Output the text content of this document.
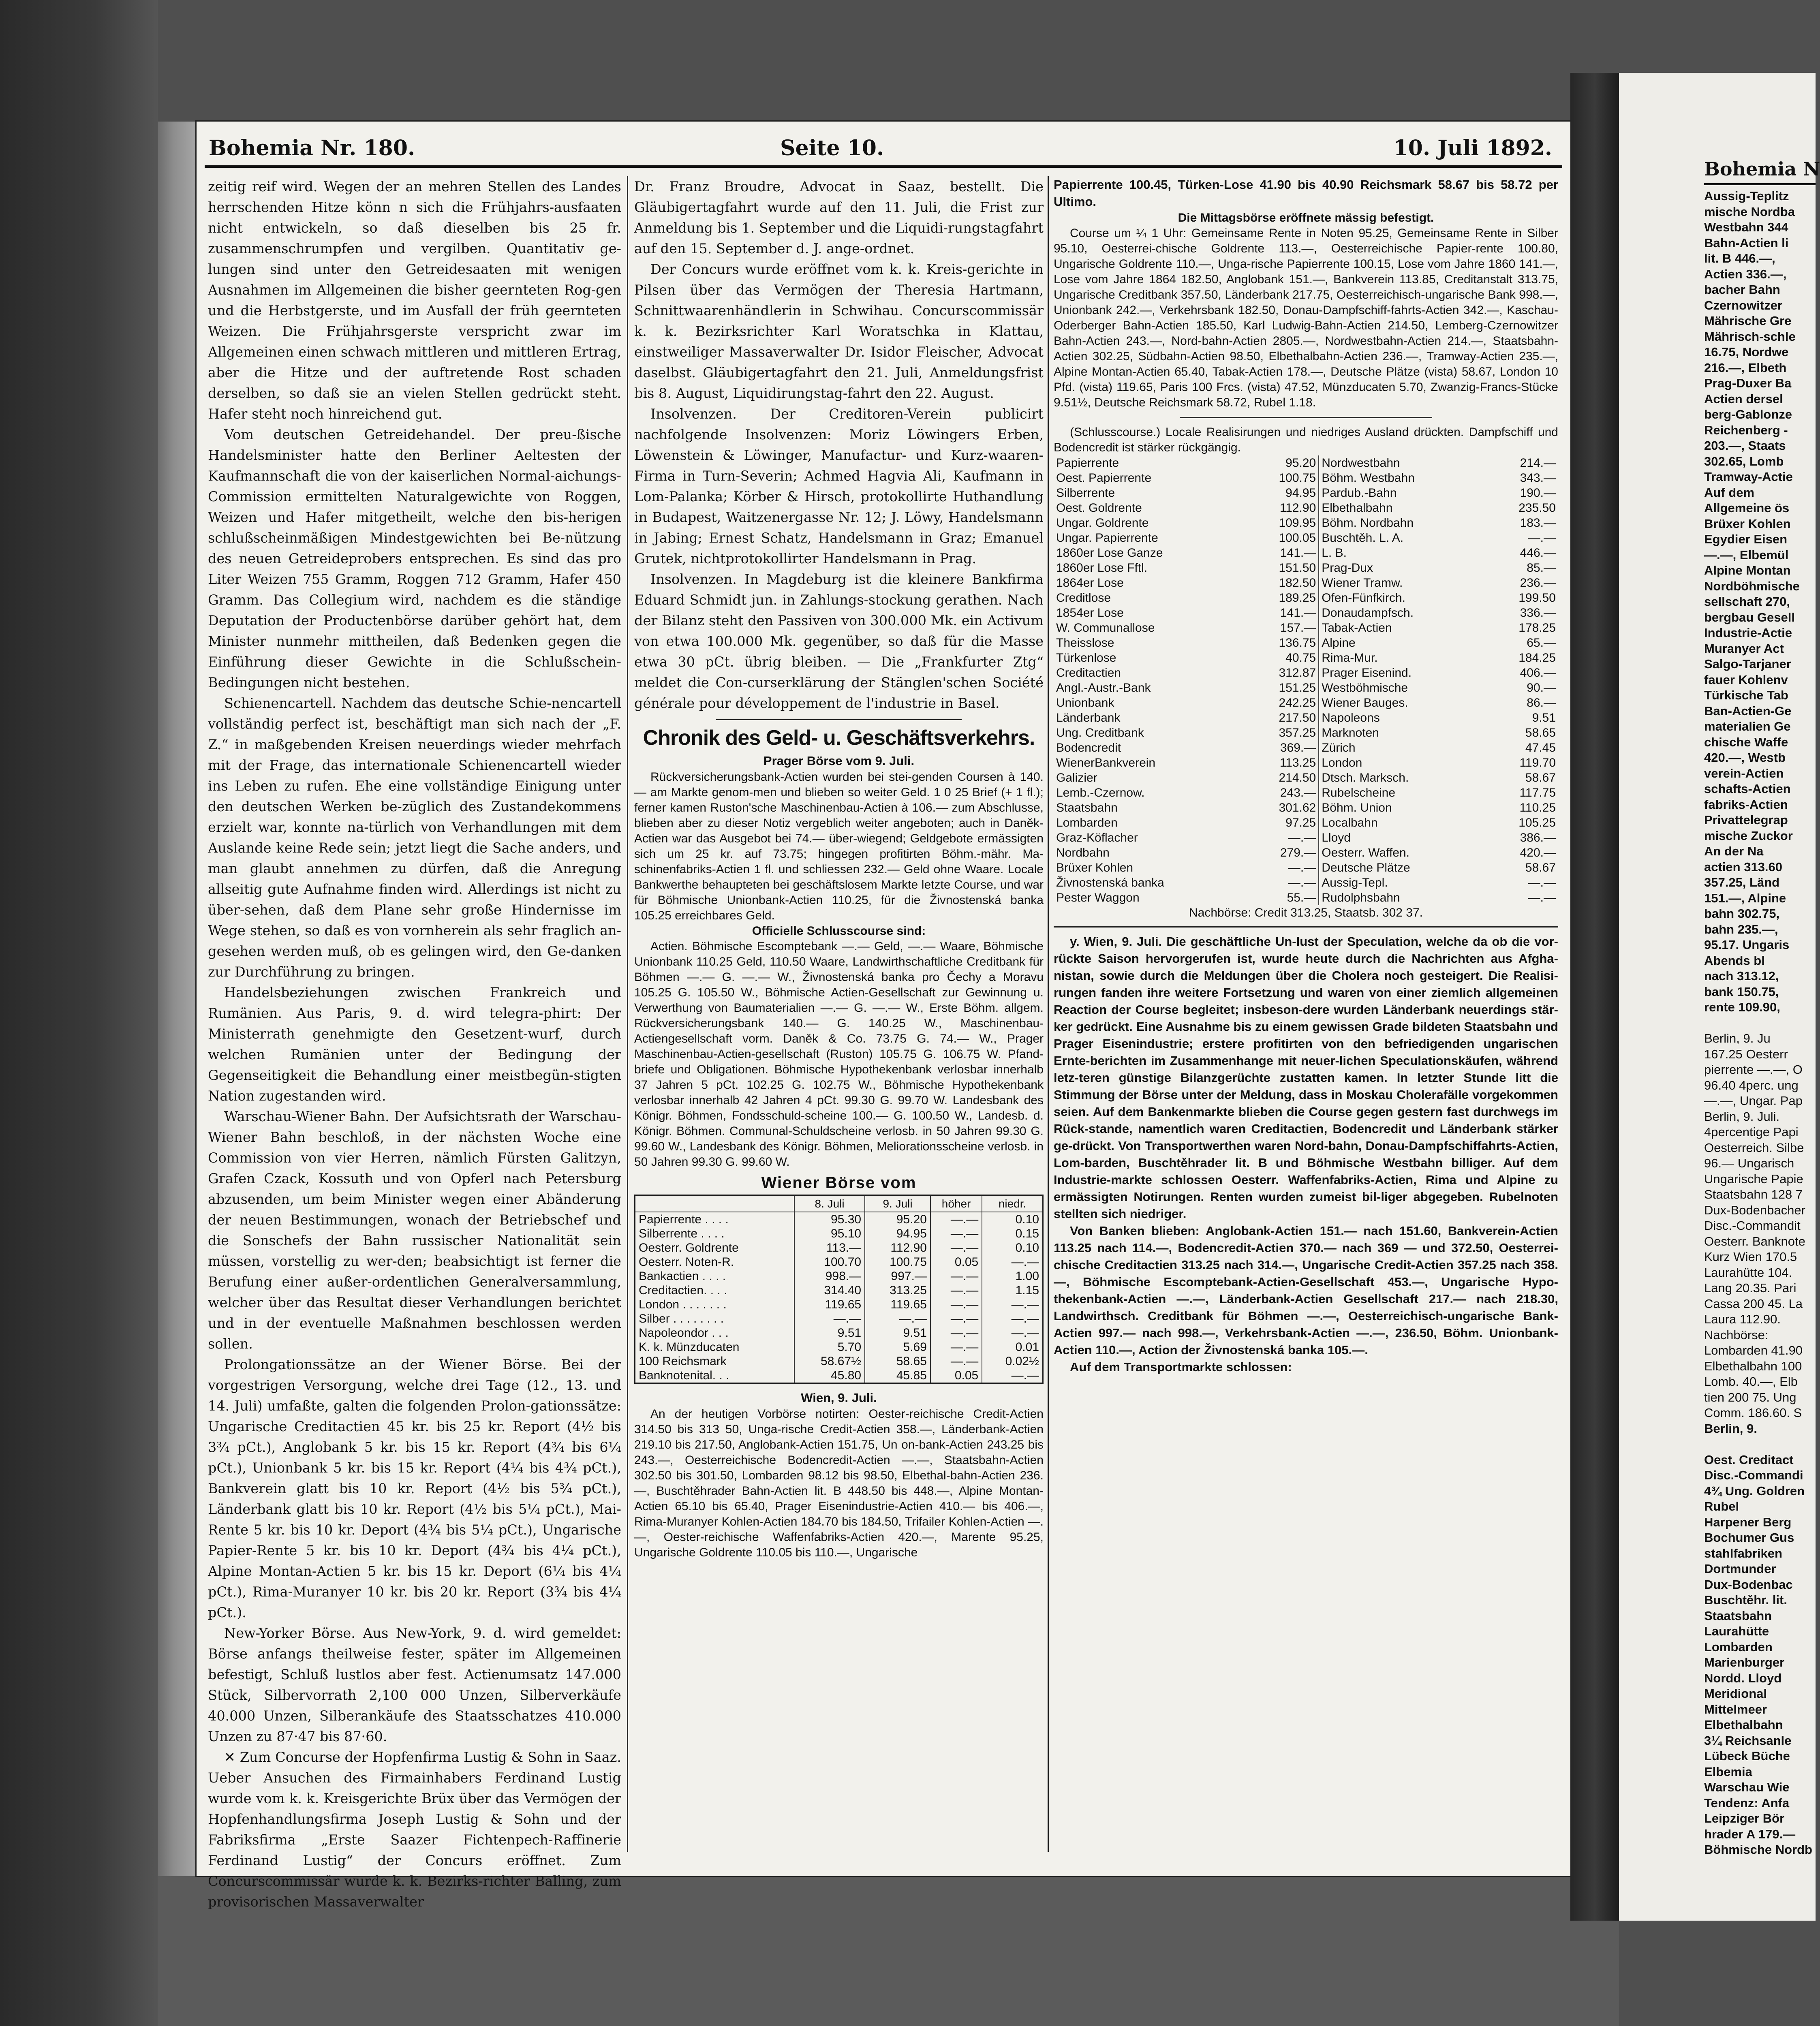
Bohemia Nr. 180.	Seite 10.	10. Juli 1892.

zeitig reif wird. Wegen der an mehren Stellen des Landes herrschenden Hitze könn n sich die Frühjahrs-ausfaaten nicht entwickeln, so daß dieselben bis 25 fr. zusammenschrumpfen und vergilben. Quantitativ ge-lungen sind unter den Getreidesaaten mit wenigen Ausnahmen im Allgemeinen die bisher geernteten Rog-gen und die Herbstgerste, und im Ausfall der früh geernteten Weizen. Die Frühjahrsgerste verspricht zwar im Allgemeinen einen schwach mittleren und mittleren Ertrag, aber die Hitze und der auftretende Rost schaden derselben, so daß sie an vielen Stellen gedrückt steht. Hafer steht noch hinreichend gut.

Vom deutschen Getreidehandel. Der preu-ßische Handelsminister hatte den Berliner Aeltesten der Kaufmannschaft die von der kaiserlichen Normal-aichungs-Commission ermittelten Naturalgewichte von Roggen, Weizen und Hafer mitgetheilt, welche den bis-herigen schlußscheinmäßigen Mindestgewichten bei Be-nützung des neuen Getreideprobers entsprechen. Es sind das pro Liter Weizen 755 Gramm, Roggen 712 Gramm, Hafer 450 Gramm. Das Collegium wird, nachdem es die ständige Deputation der Productenbörse darüber gehört hat, dem Minister nunmehr mittheilen, daß Bedenken gegen die Einführung dieser Gewichte in die Schlußschein-Bedingungen nicht bestehen.

Schienencartell. Nachdem das deutsche Schie-nencartell vollständig perfect ist, beschäftigt man sich nach der „F. Z.“ in maßgebenden Kreisen neuerdings wieder mehrfach mit der Frage, das internationale Schienencartell wieder ins Leben zu rufen. Ehe eine vollständige Einigung unter den deutschen Werken be-züglich des Zustandekommens erzielt war, konnte na-türlich von Verhandlungen mit dem Auslande keine Rede sein; jetzt liegt die Sache anders, und man glaubt annehmen zu dürfen, daß die Anregung allseitig gute Aufnahme finden wird. Allerdings ist nicht zu über-sehen, daß dem Plane sehr große Hindernisse im Wege stehen, so daß es von vornherein als sehr fraglich an-gesehen werden muß, ob es gelingen wird, den Ge-danken zur Durchführung zu bringen.

Handelsbeziehungen zwischen Frankreich und Rumänien. Aus Paris, 9. d. wird telegra-phirt: Der Ministerrath genehmigte den Gesetzent-wurf, durch welchen Rumänien unter der Bedingung der Gegenseitigkeit die Behandlung einer meistbegün-stigten Nation zugestanden wird.

Warschau-Wiener Bahn. Der Aufsichtsrath der Warschau-Wiener Bahn beschloß, in der nächsten Woche eine Commission von vier Herren, nämlich Fürsten Galitzyn, Grafen Czack, Kossuth und von Opferl nach Petersburg abzusenden, um beim Minister wegen einer Abänderung der neuen Bestimmungen, wonach der Betriebschef und die Sonschefs der Bahn russischer Nationalität sein müssen, vorstellig zu wer-den; beabsichtigt ist ferner die Berufung einer außer-ordentlichen Generalversammlung, welcher über das Resultat dieser Verhandlungen berichtet und in der eventuelle Maßnahmen beschlossen werden sollen.

Prolongationssätze an der Wiener Börse. Bei der vorgestrigen Versorgung, welche drei Tage (12., 13. und 14. Juli) umfaßte, galten die folgenden Prolon-gationssätze: Ungarische Creditactien 45 kr. bis 25 kr. Report (4½ bis 3¾ pCt.), Anglobank 5 kr. bis 15 kr. Report (4¾ bis 6¼ pCt.), Unionbank 5 kr. bis 15 kr. Report (4¼ bis 4¾ pCt.), Bankverein glatt bis 10 kr. Report (4½ bis 5¾ pCt.), Länderbank glatt bis 10 kr. Report (4½ bis 5¼ pCt.), Mai-Rente 5 kr. bis 10 kr. Deport (4¾ bis 5¼ pCt.), Ungarische Papier-Rente 5 kr. bis 10 kr. Deport (4¾ bis 4¼ pCt.), Alpine Montan-Actien 5 kr. bis 15 kr. Deport (6¼ bis 4¼ pCt.), Rima-Muranyer 10 kr. bis 20 kr. Report (3¾ bis 4¼ pCt.).

New-Yorker Börse. Aus New-York, 9. d. wird gemeldet: Börse anfangs theilweise fester, später im Allgemeinen befestigt, Schluß lustlos aber fest. Actienumsatz 147.000 Stück, Silbervorrath 2,100 000 Unzen, Silberverkäufe 40.000 Unzen, Silberankäufe des Staatsschatzes 410.000 Unzen zu 87·47 bis 87·60.

✕ Zum Concurse der Hopfenfirma Lustig & Sohn in Saaz. Ueber Ansuchen des Firmainhabers Ferdinand Lustig wurde vom k. k. Kreisgerichte Brüx über das Vermögen der Hopfenhandlungsfirma Joseph Lustig & Sohn und der Fabriksfirma „Erste Saazer Fichtenpech-Raffinerie Ferdinand Lustig“ der Concurs eröffnet. Zum Concurscommissär wurde k. k. Bezirks-richter Balling, zum provisorischen Massaverwalter

Dr. Franz Broudre, Advocat in Saaz, bestellt. Die Gläubigertagfahrt wurde auf den 11. Juli, die Frist zur Anmeldung bis 1. September und die Liquidi-rungstagfahrt auf den 15. September d. J. ange-ordnet.

Der Concurs wurde eröffnet vom k. k. Kreis-gerichte in Pilsen über das Vermögen der Theresia Hartmann, Schnittwaarenhändlerin in Schwihau. Concurscommissär k. k. Bezirksrichter Karl Woratschka in Klattau, einstweiliger Massaverwalter Dr. Isidor Fleischer, Advocat daselbst. Gläubigertagfahrt den 21. Juli, Anmeldungsfrist bis 8. August, Liquidirungstag-fahrt den 22. August.

Insolvenzen. Der Creditoren-Verein publicirt nachfolgende Insolvenzen: Moriz Löwingers Erben, Löwenstein & Löwinger, Manufactur- und Kurz-waaren-Firma in Turn-Severin; Achmed Hagvia Ali, Kaufmann in Lom-Palanka; Körber & Hirsch, protokollirte Huthandlung in Budapest, Waitzenergasse Nr. 12; J. Löwy, Handelsmann in Jabing; Ernest Schatz, Handelsmann in Graz; Emanuel Grutek, nichtprotokollirter Handelsmann in Prag.

Insolvenzen. In Magdeburg ist die kleinere Bankfirma Eduard Schmidt jun. in Zahlungs-stockung gerathen. Nach der Bilanz steht den Passiven von 300.000 Mk. ein Activum von etwa 100.000 Mk. gegenüber, so daß für die Masse etwa 30 pCt. übrig bleiben. — Die „Frankfurter Ztg“ meldet die Con-curserklärung der Stänglen'schen Société générale pour développement de l'industrie in Basel.

Chronik des Geld- u. Geschäftsverkehrs.
Prager Börse vom 9. Juli.

Rückversicherungsbank-Actien wurden bei stei-genden Coursen à 140.— am Markte genom-men und blieben so weiter Geld. 1 0 25 Brief (+ 1 fl.); ferner kamen Ruston'sche Maschinenbau-Actien à 106.— zum Abschlusse, blieben aber zu dieser Notiz vergeblich weiter angeboten; auch in Daněk-Actien war das Ausgebot bei 74.— über-wiegend; Geldgebote ermässigten sich um 25 kr. auf 73.75; hingegen profitirten Böhm.-mähr. Ma-schinenfabriks-Actien 1 fl. und schliessen 232.— Geld ohne Waare. Locale Bankwerthe behaupteten bei geschäftslosem Markte letzte Course, und war für Böhmische Unionbank-Actien 110.25, für die Živnostenská banka 105.25 erreichbares Geld.

Officielle Schlusscourse sind:

Actien. Böhmische Escomptebank —.— Geld, —.— Waare, Böhmische Unionbank 110.25 Geld, 110.50 Waare, Landwirthschaftliche Creditbank für Böhmen —.— G. —.— W., Živnostenská banka pro Čechy a Moravu 105.25 G. 105.50 W., Böhmische Actien-Gesellschaft zur Gewinnung u. Verwerthung von Baumaterialien —.— G. —.— W., Erste Böhm. allgem. Rückversicherungsbank 140.— G. 140.25 W., Maschinenbau-Actiengesellschaft vorm. Daněk & Co. 73.75 G. 74.— W., Prager Maschinenbau-Actien-gesellschaft (Ruston) 105.75 G. 106.75 W. Pfand-briefe und Obligationen. Böhmische Hypothekenbank verlosbar innerhalb 37 Jahren 5 pCt. 102.25 G. 102.75 W., Böhmische Hypothekenbank verlosbar innerhalb 42 Jahren 4 pCt. 99.30 G. 99.70 W. Landesbank des Königr. Böhmen, Fondsschuld-scheine 100.— G. 100.50 W., Landesb. d. Königr. Böhmen. Communal-Schuldscheine verlosb. in 50 Jahren 99.30 G. 99.60 W., Landesbank des Königr. Böhmen, Meliorationsscheine verlosb. in 50 Jahren 99.30 G. 99.60 W.

Wiener Börse vom
	8. Juli	9. Juli	höher	niedr.
Papierrente . . . .	95.30	95.20	—.—	0.10
Silberrente . . . .	95.10	94.95	—.—	0.15
Oesterr. Goldrente	113.—	112.90	—.—	0.10
Oesterr. Noten-R.	100.70	100.75	0.05	—.—
Bankactien . . . .	998.—	997.—	—.—	1.00
Creditactien. . . .	314.40	313.25	—.—	1.15
London . . . . . . .	119.65	119.65	—.—	—.—
Silber . . . . . . . .	—.—	—.—	—.—	—.—
Napoleondor . . .	9.51	9.51	—.—	—.—
K. k. Münzducaten	5.70	5.69	—.—	0.01
100 Reichsmark	58.67½	58.65	—.—	0.02½
Banknotenital. . .	45.80	45.85	0.05	—.—
Wien, 9. Juli.

An der heutigen Vorbörse notirten: Oester-reichische Credit-Actien 314.50 bis 313 50, Unga-rische Credit-Actien 358.—, Länderbank-Actien 219.10 bis 217.50, Anglobank-Actien 151.75, Un on-bank-Actien 243.25 bis 243.—, Oesterreichische Bodencredit-Actien —.—, Staatsbahn-Actien 302.50 bis 301.50, Lombarden 98.12 bis 98.50, Elbethal-bahn-Actien 236.—, Buschtěhrader Bahn-Actien lit. B 448.50 bis 448.—, Alpine Montan-Actien 65.10 bis 65.40, Prager Eisenindustrie-Actien 410.— bis 406.—, Rima-Muranyer Kohlen-Actien 184.70 bis 184.50, Trifailer Kohlen-Actien —.—, Oester-reichische Waffenfabriks-Actien 420.—, Marente 95.25, Ungarische Goldrente 110.05 bis 110.—, Ungarische

Papierrente 100.45, Türken-Lose 41.90 bis 40.90 Reichsmark 58.67 bis 58.72 per Ultimo.

Die Mittagsbörse eröffnete mässig befestigt.

Course um ¼ 1 Uhr: Gemeinsame Rente in Noten 95.25, Gemeinsame Rente in Silber 95.10, Oesterrei-chische Goldrente 113.—, Oesterreichische Papier-rente 100.80, Ungarische Goldrente 110.—, Unga-rische Papierrente 100.15, Lose vom Jahre 1860 141.—, Lose vom Jahre 1864 182.50, Anglobank 151.—, Bankverein 113.85, Creditanstalt 313.75, Ungarische Creditbank 357.50, Länderbank 217.75, Oesterreichisch-ungarische Bank 998.—, Unionbank 242.—, Verkehrsbank 182.50, Donau-Dampfschiff-fahrts-Actien 342.—, Kaschau-Oderberger Bahn-Actien 185.50, Karl Ludwig-Bahn-Actien 214.50, Lemberg-Czernowitzer Bahn-Actien 243.—, Nord-bahn-Actien 2805.—, Nordwestbahn-Actien 214.—, Staatsbahn-Actien 302.25, Südbahn-Actien 98.50, Elbethalbahn-Actien 236.—, Tramway-Actien 235.—, Alpine Montan-Actien 65.40, Tabak-Actien 178.—, Deutsche Plätze (vista) 58.67, London 10 Pfd. (vista) 119.65, Paris 100 Frcs. (vista) 47.52, Münzducaten 5.70, Zwanzig-Francs-Stücke 9.51½, Deutsche Reichsmark 58.72, Rubel 1.18.

(Schlusscourse.) Locale Realisirungen und niedriges Ausland drückten. Dampfschiff und Bodencredit ist stärker rückgängig.

Papierrente	95.20	Nordwestbahn	214.—
Oest. Papierrente	100.75	Böhm. Westbahn	343.—
Silberrente	94.95	Pardub.-Bahn	190.—
Oest. Goldrente	112.90	Elbethalbahn	235.50
Ungar. Goldrente	109.95	Böhm. Nordbahn	183.—
Ungar. Papierrente	100.05	Buschtěh. L. A.	—.—
1860er Lose Ganze	141.—	L. B.	446.—
1860er Lose Fftl.	151.50	Prag-Dux	85.—
1864er Lose	182.50	Wiener Tramw.	236.—
Creditlose	189.25	Ofen-Fünfkirch.	199.50
1854er Lose	141.—	Donaudampfsch.	336.—
W. Communallose	157.—	Tabak-Actien	178.25
Theisslose	136.75	Alpine	65.—
Türkenlose	40.75	Rima-Mur.	184.25
Creditactien	312.87	Prager Eisenind.	406.—
Angl.-Austr.-Bank	151.25	Westböhmische	90.—
Unionbank	242.25	Wiener Bauges.	86.—
Länderbank	217.50	Napoleons	9.51
Ung. Creditbank	357.25	Marknoten	58.65
Bodencredit	369.—	Zürich	47.45
WienerBankverein	113.25	London	119.70
Galizier	214.50	Dtsch. Marksch.	58.67
Lemb.-Czernow.	243.—	Rubelscheine	117.75
Staatsbahn	301.62	Böhm. Union	110.25
Lombarden	97.25	Localbahn	105.25
Graz-Köflacher	—.—	Lloyd	386.—
Nordbahn	279.—	Oesterr. Waffen.	420.—
Brüxer Kohlen	—.—	Deutsche Plätze	58.67
Živnostenská banka	—.—	Aussig-Tepl.	—.—
Pester Waggon	55.—	Rudolphsbahn	—.—

Nachbörse: Credit 313.25, Staatsb. 302 37.

y. Wien, 9. Juli. Die geschäftliche Un-lust der Speculation, welche da ob die vor-rückte Saison hervorgerufen ist, wurde heute durch die Nachrichten aus Afgha-nistan, sowie durch die Meldungen über die Cholera noch gesteigert. Die Realisi-rungen fanden ihre weitere Fortsetzung und waren von einer ziemlich allgemeinen Reaction der Course begleitet; insbeson-dere wurden Länderbank neuerdings stär-ker gedrückt. Eine Ausnahme bis zu einem gewissen Grade bildeten Staatsbahn und Prager Eisenindustrie; erstere profitirten von den befriedigenden ungarischen Ernte-berichten im Zusammenhange mit neuer-lichen Speculationskäufen, während letz-teren günstige Bilanzgerüchte zustatten kamen. In letzter Stunde litt die Stimmung der Börse unter der Meldung, dass in Moskau Cholerafälle vorgekommen seien. Auf dem Bankenmarkte blieben die Course gegen gestern fast durchwegs im Rück-stande, namentlich waren Creditactien, Bodencredit und Länderbank stärker ge-drückt. Von Transportwerthen waren Nord-bahn, Donau-Dampfschiffahrts-Actien, Lom-barden, Buschtěhrader lit. B und Böhmische Westbahn billiger. Auf dem Industrie-markte schlossen Oesterr. Waffenfabriks-Actien, Rima und Alpine zu ermässigten Notirungen. Renten wurden zumeist bil-liger abgegeben. Rubelnoten stellten sich niedriger.

Von Banken blieben: Anglobank-Actien 151.— nach 151.60, Bankverein-Actien 113.25 nach 114.—, Bodencredit-Actien 370.— nach 369 — und 372.50, Oesterrei-chische Creditactien 313.25 nach 314.—, Ungarische Credit-Actien 357.25 nach 358.—, Böhmische Escomptebank-Actien-Gesellschaft 453.—, Ungarische Hypo-thekenbank-Actien —.—, Länderbank-Actien Gesellschaft 217.— nach 218.30, Landwirthsch. Creditbank für Böhmen —.—, Oesterreichisch-ungarische Bank-Actien 997.— nach 998.—, Verkehrsbank-Actien —.—, 236.50, Böhm. Unionbank-Actien 110.—, Action der Živnostenská banka 105.—.

Auf dem Transportmarkte schlossen:

Bohemia N
Aussig-Teplitz
mische Nordba
Westbahn 344
Bahn-Actien li
lit. B 446.—,
Actien 336.—,
bacher Bahn
Czernowitzer
Mährische Gre
Mährisch-schle
16.75, Nordwe
216.—, Elbeth
Prag-Duxer Ba
Actien dersel
berg-Gablonze
Reichenberg -
203.—, Staats
302.65, Lomb
Tramway-Actie
Auf dem
Allgemeine ös
Brüxer Kohlen
Egydier Eisen
—.—, Elbemül
Alpine Montan
Nordböhmische
sellschaft 270,
bergbau Gesell
Industrie-Actie
Muranyer Act
Salgo-Tarjaner
fauer Kohlenv
Türkische Tab
Ban-Actien-Ge
materialien Ge
chische Waffe
420.—, Westb
verein-Actien
schafts-Actien
fabriks-Actien
Privattelegrap
mische Zuckor
An der Na
actien 313.60
357.25, Länd
151.—, Alpine
bahn 302.75,
bahn 235.—,
95.17. Ungaris
Abends bl
nach 313.12,
bank 150.75,
rente 109.90,

Berlin, 9. Ju
167.25 Oesterr
pierrente —.—, O
96.40 4perc. ung
—.—, Ungar. Pap
Berlin, 9. Juli.
4percentige Papi
Oesterreich. Silbe
96.— Ungarisch
Ungarische Papie
Staatsbahn 128 7
Dux-Bodenbacher
Disc.-Commandit
Oesterr. Banknote
Kurz Wien 170.5
Laurahütte 104.
Lang 20.35. Pari
Cassa 200 45. La
Laura 112.90.
Nachbörse:
Lombarden 41.90
Elbethalbahn 100
Lomb. 40.—, Elb
tien 200 75. Ung
Comm. 186.60. S
Berlin, 9.

Oest. Creditact
Disc.-Commandi
4¾ Ung. Goldren
Rubel
Harpener Berg
Bochumer Gus
stahlfabriken
Dortmunder
Dux-Bodenbac
Buschtěhr. lit.
Staatsbahn
Laurahütte
Lombarden
Marienburger
Nordd. Lloyd
Meridional
Mittelmeer
Elbethalbahn
3¼ Reichsanle
Lübeck Büche
Elbemia
Warschau Wie
Tendenz: Anfa
Leipziger Bör
hrader A 179.—
Böhmische Nordb
